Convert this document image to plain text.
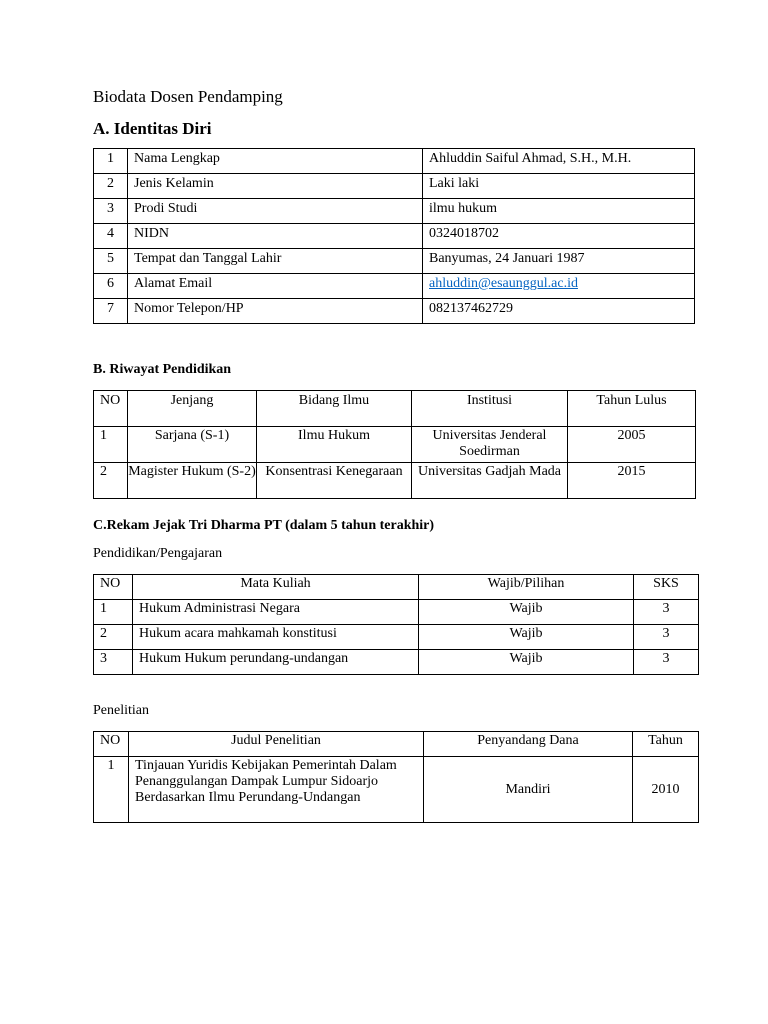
Biodata Dosen Pendamping
A. Identitas Diri
1	Nama Lengkap	Ahluddin Saiful Ahmad, S.H., M.H.
2	Jenis Kelamin	Laki laki
3	Prodi Studi	ilmu hukum
4	NIDN	0324018702
5	Tempat dan Tanggal Lahir	Banyumas, 24 Januari 1987
6	Alamat Email	ahluddin@esaunggul.ac.id
7	Nomor Telepon/HP	082137462729
B. Riwayat Pendidikan
NO	Jenjang	Bidang Ilmu	Institusi	Tahun Lulus
1	Sarjana (S-1)	Ilmu Hukum	Universitas Jenderal Soedirman	2005
2	Magister Hukum (S-2)	Konsentrasi Kenegaraan	Universitas Gadjah Mada	2015
C.Rekam Jejak Tri Dharma PT (dalam 5 tahun terakhir)
Pendidikan/Pengajaran
NO	Mata Kuliah	Wajib/Pilihan	SKS
1	Hukum Administrasi Negara	Wajib	3
2	Hukum acara mahkamah konstitusi	Wajib	3
3	Hukum Hukum perundang-undangan	Wajib	3
Penelitian
NO	Judul Penelitian	Penyandang Dana	Tahun
1	Tinjauan Yuridis Kebijakan Pemerintah Dalam Penanggulangan Dampak Lumpur Sidoarjo Berdasarkan Ilmu Perundang-Undangan	Mandiri	2010
